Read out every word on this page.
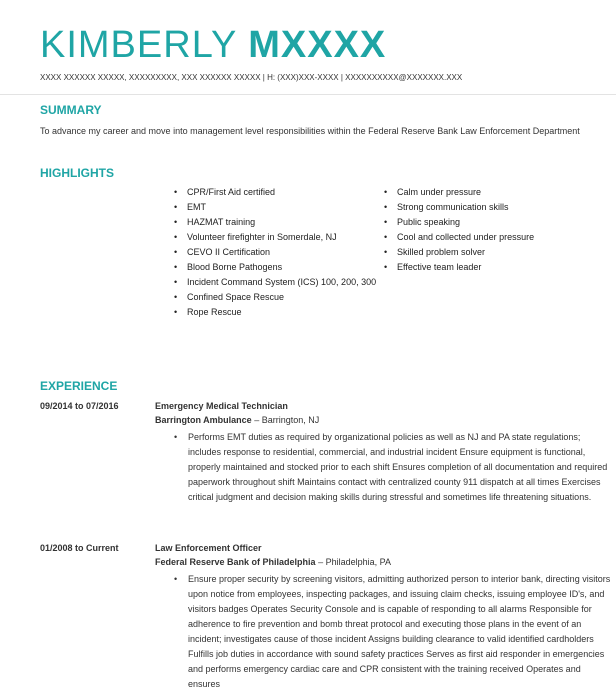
KIMBERLY MXXXX
XXXX XXXXXX XXXXX, XXXXXXXXX, XXX XXXXXX XXXXX | H: (XXX)XXX-XXXX | XXXXXXXXXX@XXXXXXX.XXX
SUMMARY
To advance my career and move into management level responsibilities within the Federal Reserve Bank Law Enforcement Department
HIGHLIGHTS
• CPR/First Aid certified
• EMT
• HAZMAT training
• Volunteer firefighter in Somerdale, NJ
• CEVO II Certification
• Blood Borne Pathogens
• Incident Command System (ICS) 100, 200, 300
• Confined Space Rescue
• Rope Rescue
• Calm under pressure
• Strong communication skills
• Public speaking
• Cool and collected under pressure
• Skilled problem solver
• Effective team leader
EXPERIENCE
09/2014 to 07/2016	Emergency Medical Technician
Barrington Ambulance – Barrington, NJ
• Performs EMT duties as required by organizational policies as well as NJ and PA state regulations; includes response to residential, commercial, and industrial incident Ensure equipment is functional, properly maintained and stocked prior to each shift Ensures completion of all documentation and required paperwork throughout shift Maintains contact with centralized county 911 dispatch at all times Exercises critical judgment and decision making skills during stressful and sometimes life threatening situations.
01/2008 to Current	Law Enforcement Officer
Federal Reserve Bank of Philadelphia – Philadelphia, PA
• Ensure proper security by screening visitors, admitting authorized person to interior bank, directing visitors upon notice from employees, inspecting packages, and issuing claim checks, issuing employee ID's, and visitors badges Operates Security Console and is capable of responding to all alarms Responsible for adherence to fire prevention and bomb threat protocol and executing those plans in the event of an incident; investigates cause of those incident Assigns building clearance to valid identified cardholders Fulfills job duties in accordance with sound safety practices Serves as first aid responder in emergencies and performs emergency cardiac care and CPR consistent with the training received Operates and ensures
